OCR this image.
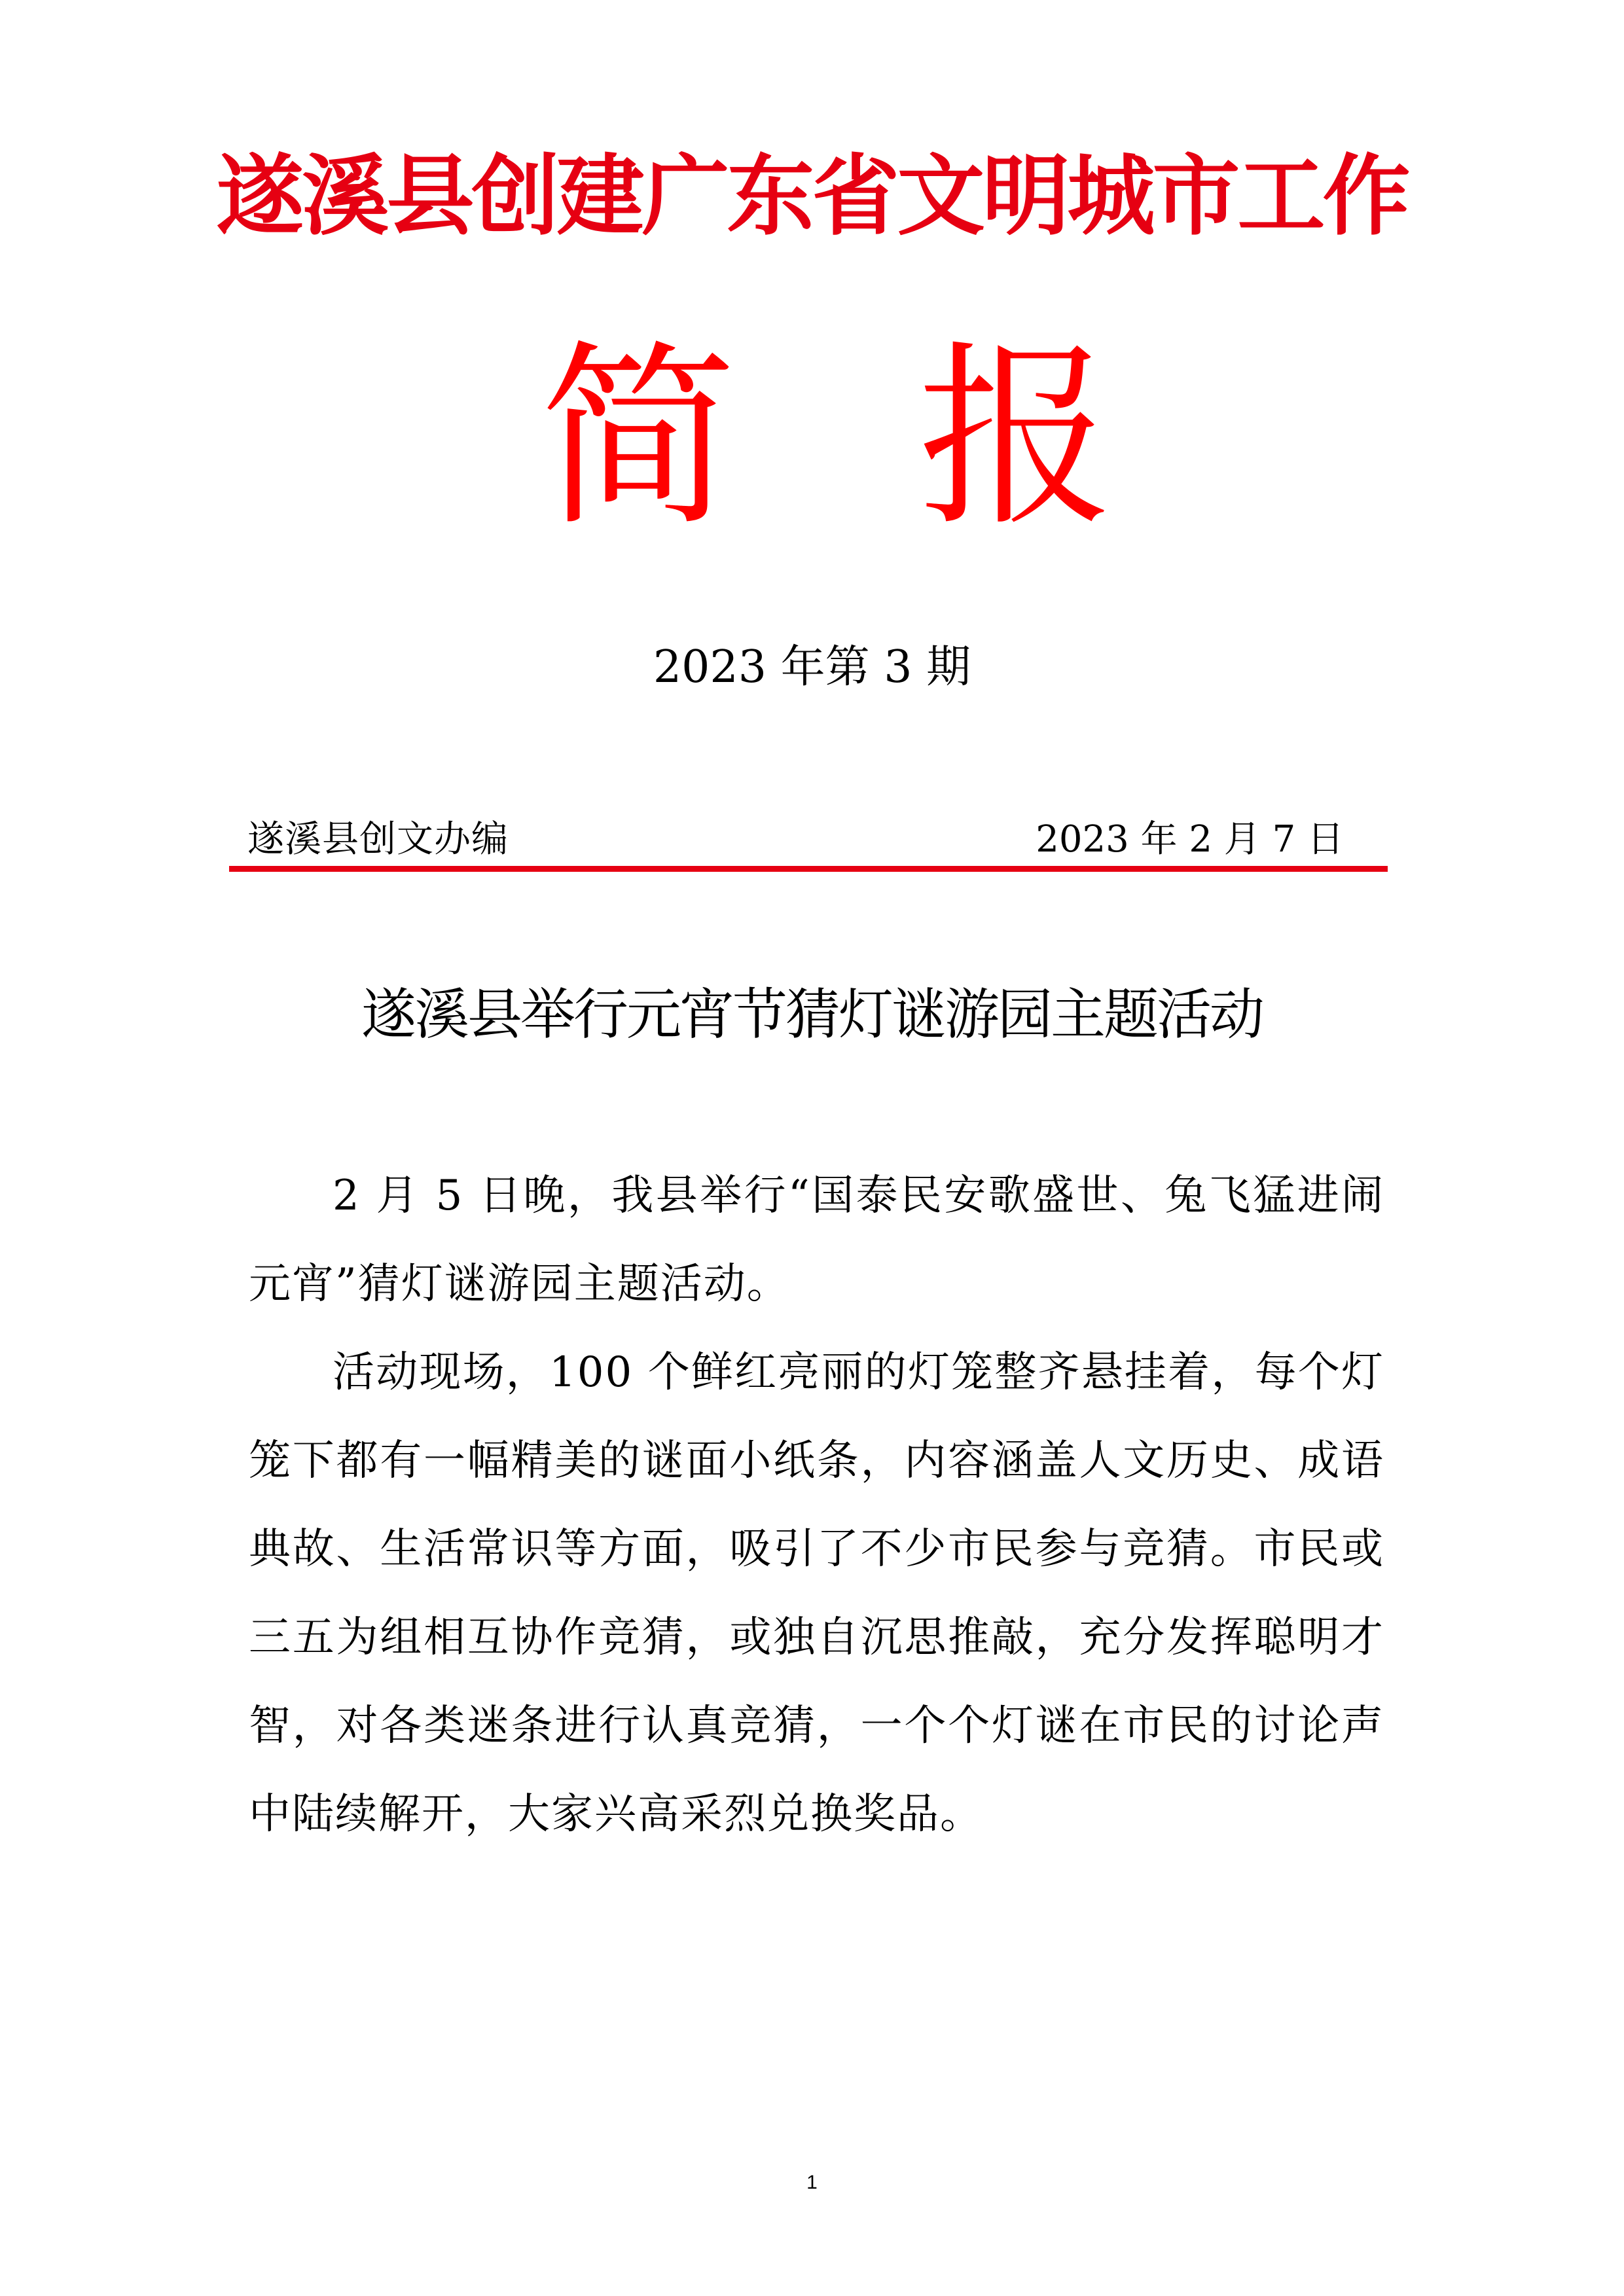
遂溪县创建广东省文明城市工作
简 报
2023 年第 3 期
遂溪县创文办编	2023 年 2 月 7 日
遂溪县举行元宵节猜灯谜游园主题活动

2 月 5 日晚，我县举行“国泰民安歌盛世、兔飞猛进闹元宵”猜灯谜游园主题活动。

活动现场，100 个鲜红亮丽的灯笼整齐悬挂着，每个灯笼下都有一幅精美的谜面小纸条，内容涵盖人文历史、成语典故、生活常识等方面，吸引了不少市民参与竞猜。市民或三五为组相互协作竞猜，或独自沉思推敲，充分发挥聪明才智，对各类迷条进行认真竞猜，一个个灯谜在市民的讨论声中陆续解开，大家兴高采烈兑换奖品。

1
